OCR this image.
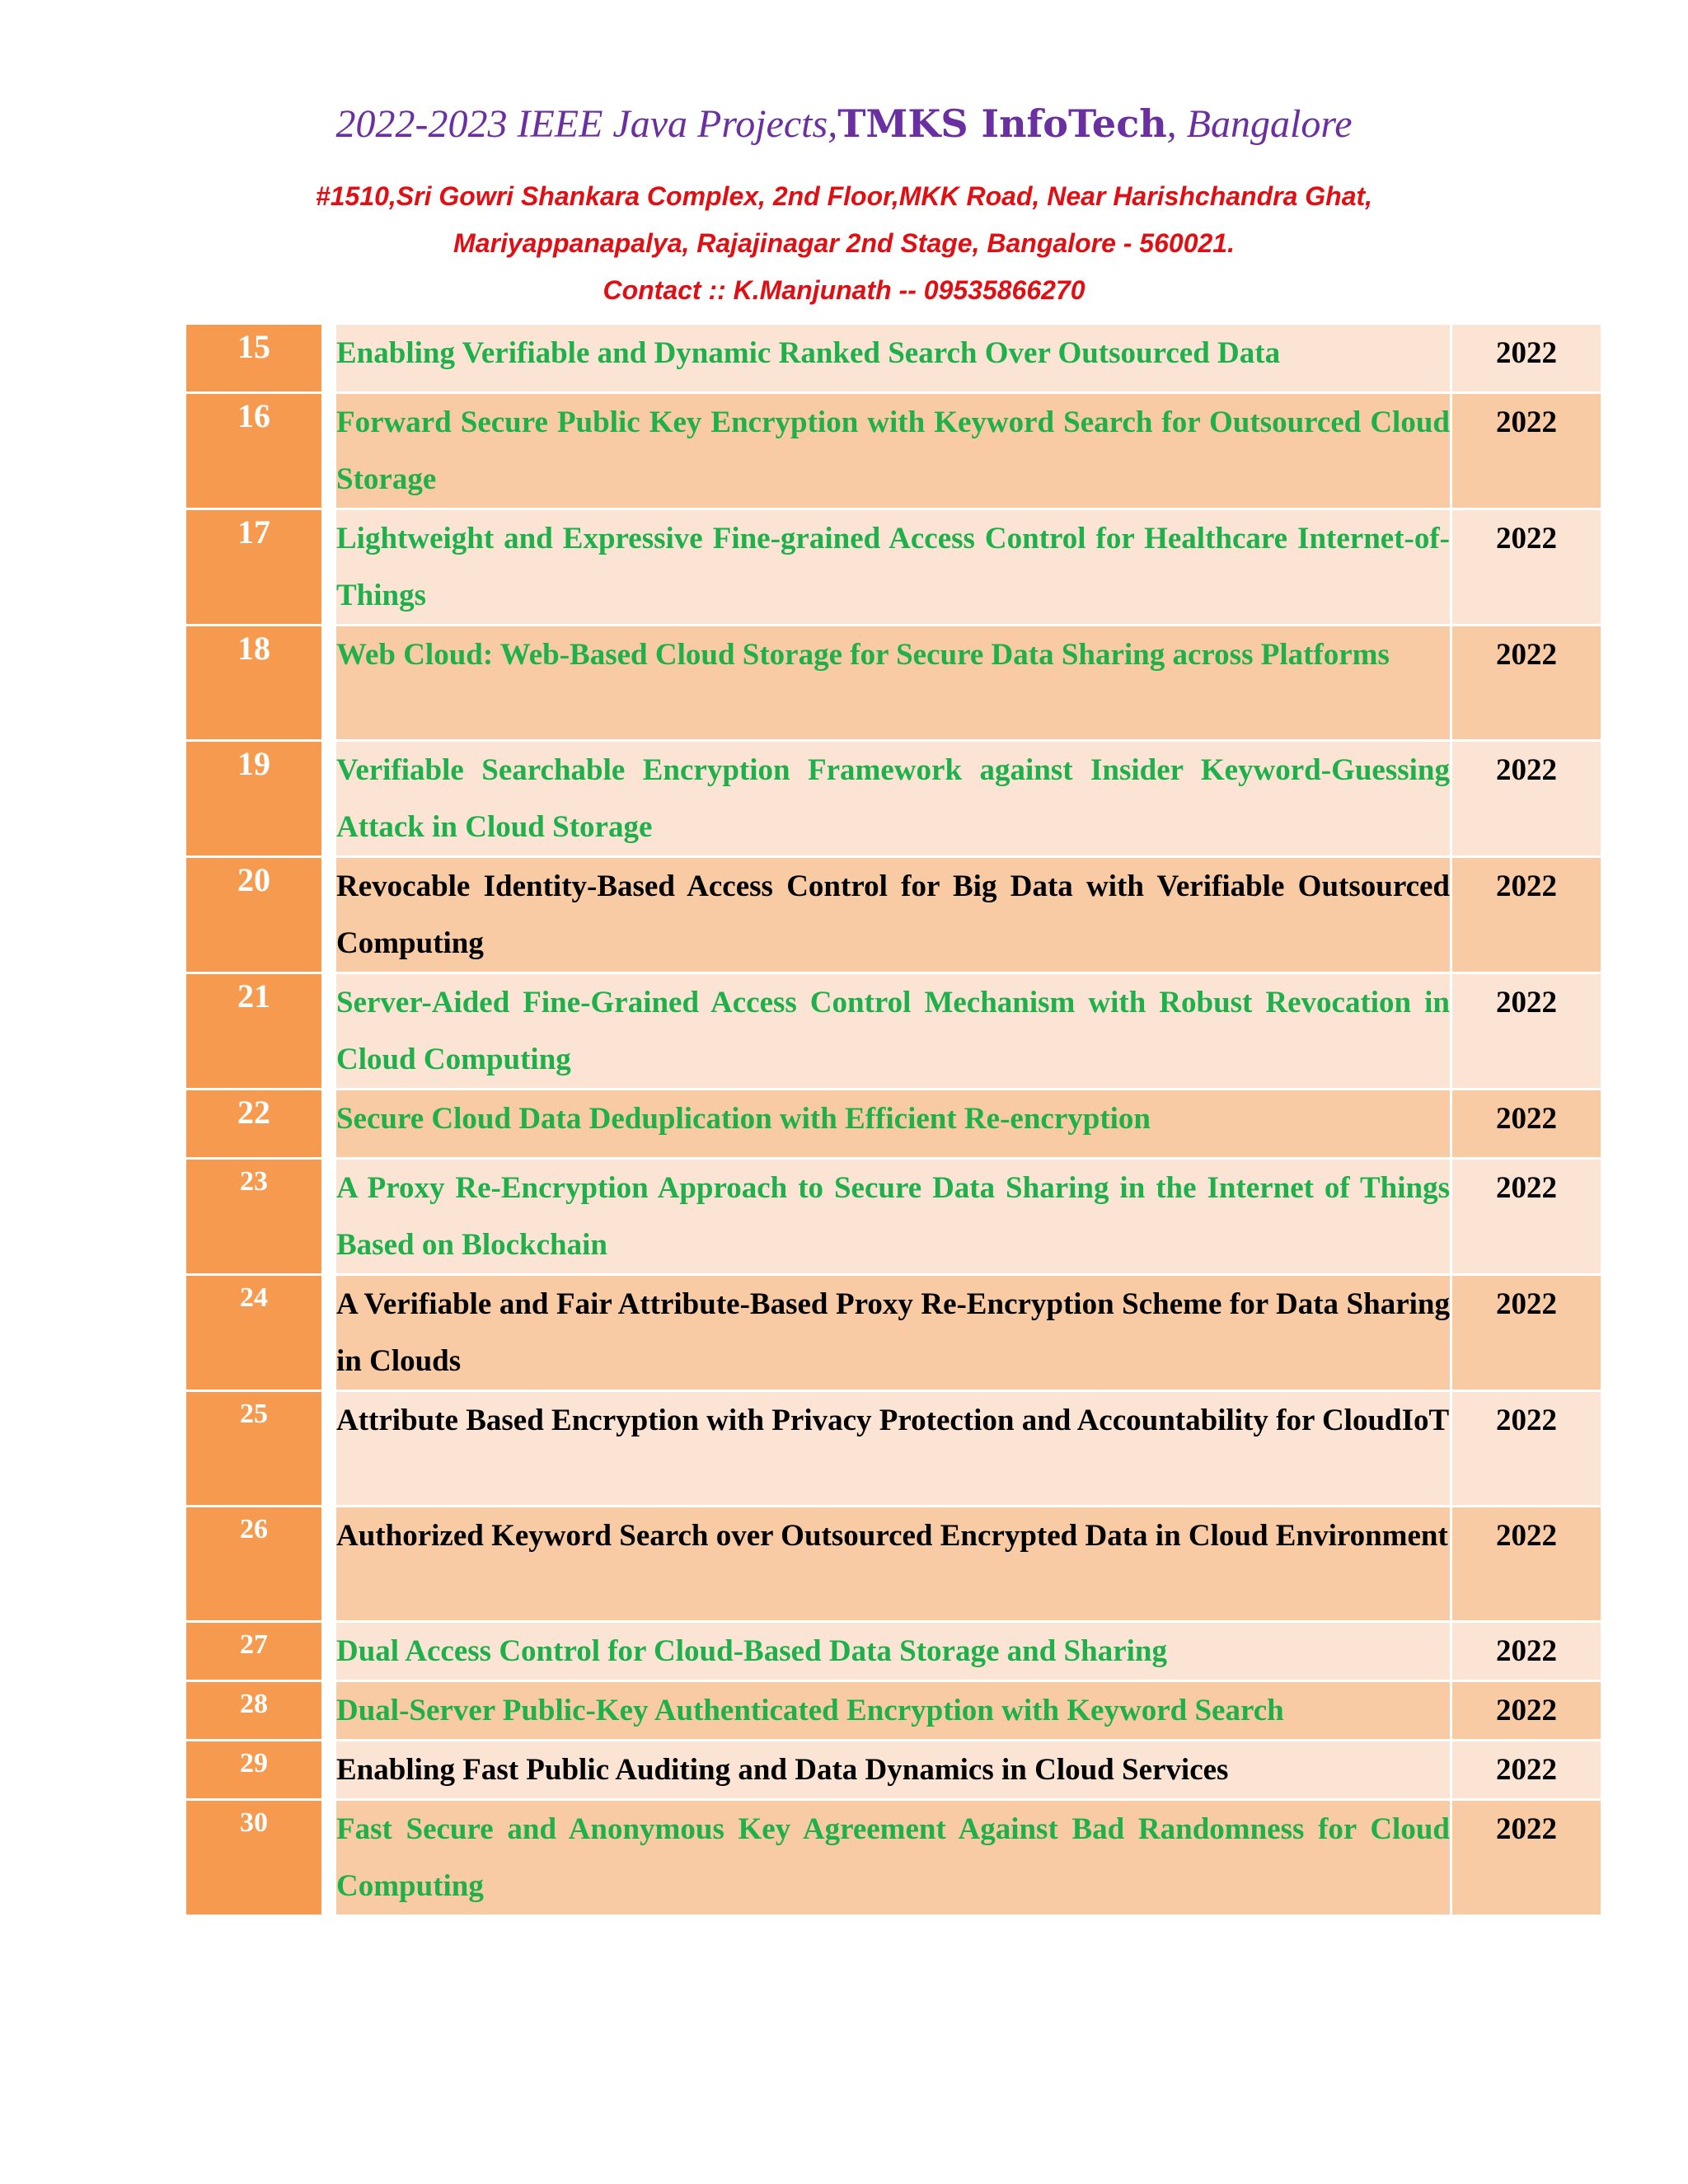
2022-2023 IEEE Java Projects,TMKS InfoTech, Bangalore
#1510,Sri Gowri Shankara Complex, 2nd Floor,MKK Road, Near Harishchandra Ghat,
Mariyappanapalya, Rajajinagar 2nd Stage, Bangalore - 560021.
Contact :: K.Manjunath -- 09535866270
15		Enabling Verifiable and Dynamic Ranked Search Over Outsourced Data	2022
16		Forward Secure Public Key Encryption with Keyword Search for Outsourced Cloud Storage	2022
17		Lightweight and Expressive Fine-grained Access Control for Healthcare Internet-of-Things	2022
18		Web Cloud: Web-Based Cloud Storage for Secure Data Sharing across Platforms	2022
19		Verifiable Searchable Encryption Framework against Insider Keyword-Guessing Attack in Cloud Storage	2022
20		Revocable Identity-Based Access Control for Big Data with Verifiable Outsourced Computing	2022
21		Server-Aided Fine-Grained Access Control Mechanism with Robust Revocation in Cloud Computing	2022
22		Secure Cloud Data Deduplication with Efficient Re-encryption	2022
23		A Proxy Re-Encryption Approach to Secure Data Sharing in the Internet of Things Based on Blockchain	2022
24		A Verifiable and Fair Attribute-Based Proxy Re-Encryption Scheme for Data Sharing in Clouds	2022
25		Attribute Based Encryption with Privacy Protection and Accountability for CloudIoT	2022
26		Authorized Keyword Search over Outsourced Encrypted Data in Cloud Environment	2022
27		Dual Access Control for Cloud-Based Data Storage and Sharing	2022
28		Dual-Server Public-Key Authenticated Encryption with Keyword Search	2022
29		Enabling Fast Public Auditing and Data Dynamics in Cloud Services	2022
30		Fast Secure and Anonymous Key Agreement Against Bad Randomness for Cloud Computing	2022
